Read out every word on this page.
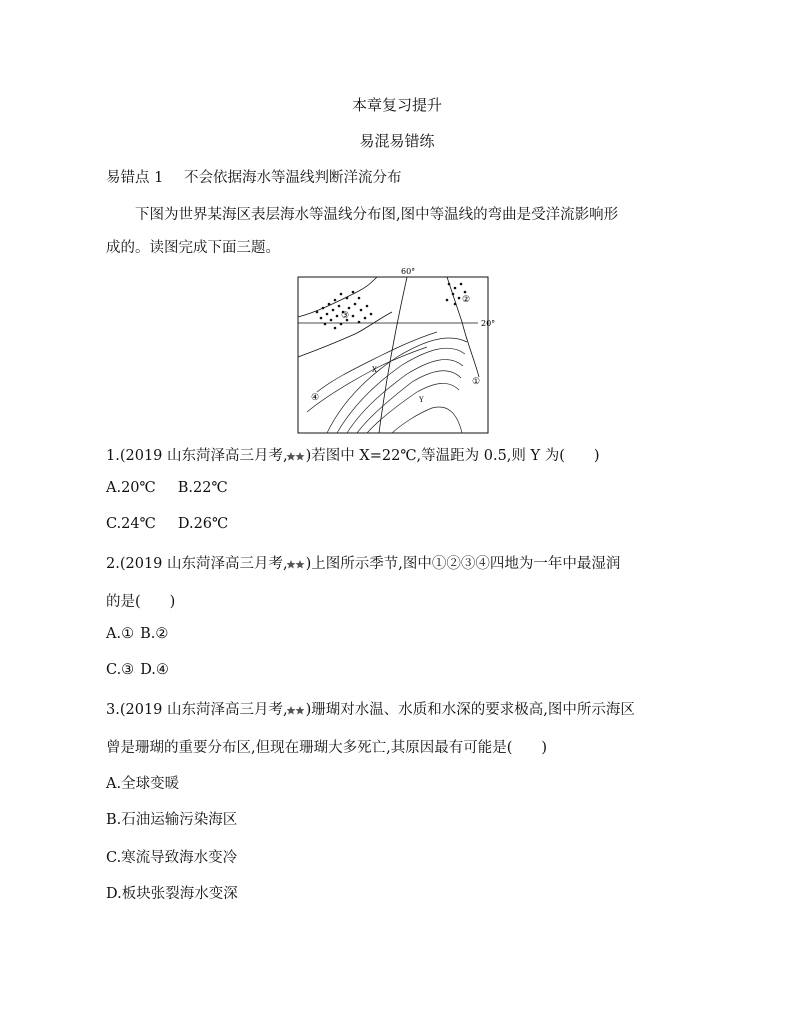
本章复习提升
易混易错练
易错点 1 不会依据海水等温线判断洋流分布
下图为世界某海区表层海水等温线分布图,图中等温线的弯曲是受洋流影响形
成的。读图完成下面三题。
60°
20°
③
②
①
④
X
Y
1.(2019 山东菏泽高三月考, )若图中 X=22℃,等温距为 0.5,则 Y 为(　　)
A.20℃ B.22℃
C.24℃ D.26℃
2.(2019 山东菏泽高三月考, )上图所示季节,图中①②③④四地为一年中最湿润
的是(　　)
A.① B.②
C.③ D.④
3.(2019 山东菏泽高三月考, )珊瑚对水温、水质和水深的要求极高,图中所示海区
曾是珊瑚的重要分布区,但现在珊瑚大多死亡,其原因最有可能是(　　)
A.全球变暖
B.石油运输污染海区
C.寒流导致海水变冷
D.板块张裂海水变深
